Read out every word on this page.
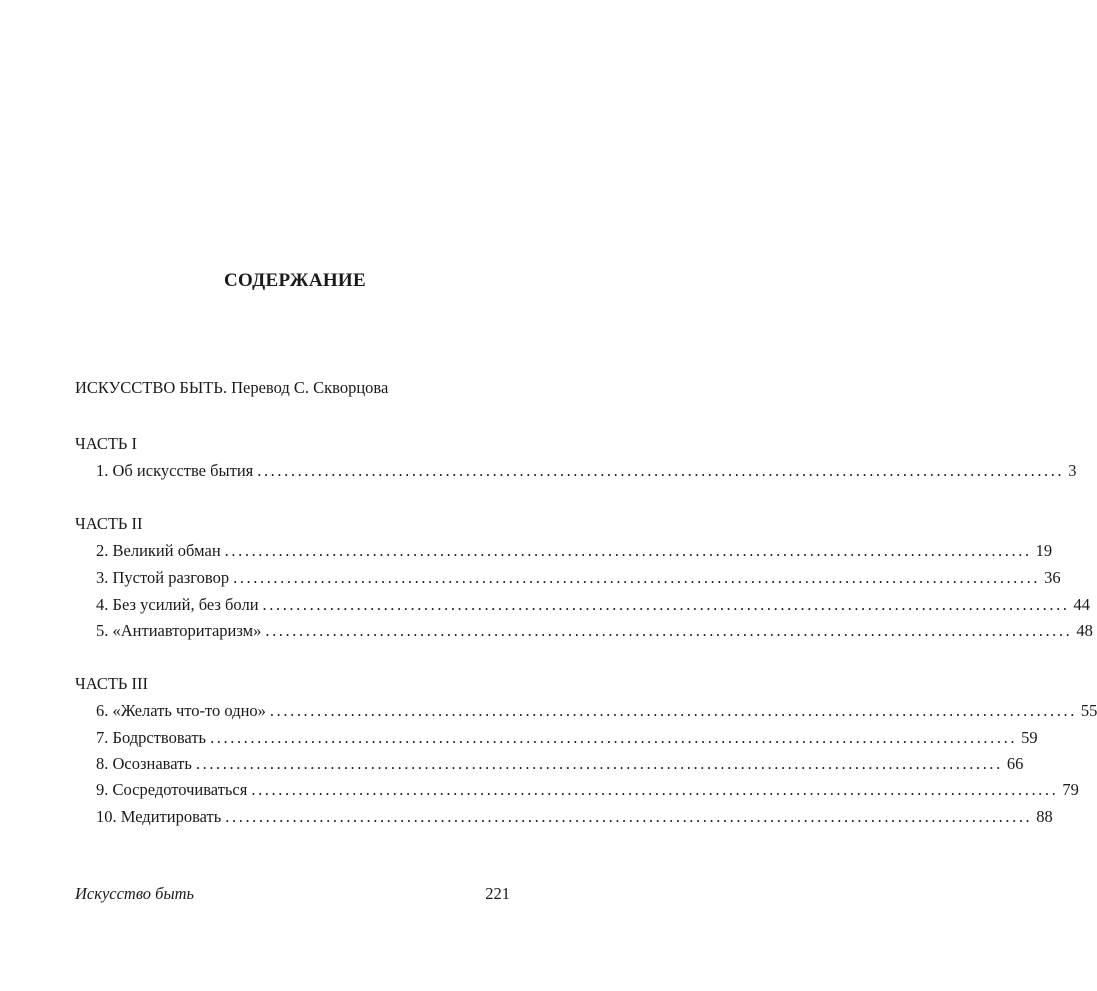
СОДЕРЖАНИЕ
ИСКУССТВО БЫТЬ. Перевод С. Скворцова
ЧАСТЬ I
1. Об искусстве бытия ........................................................................................................................ 3
ЧАСТЬ II
2. Великий обман ........................................................................................................................ 19
3. Пустой разговор ........................................................................................................................ 36
4. Без усилий, без боли ........................................................................................................................ 44
5. «Антиавторитаризм» ........................................................................................................................ 48
ЧАСТЬ III
6. «Желать что-то одно» ........................................................................................................................ 55
7. Бодрствовать ........................................................................................................................ 59
8. Осознавать ........................................................................................................................ 66
9. Сосредоточиваться ........................................................................................................................ 79
10. Медитировать ........................................................................................................................ 88
Искусство быть	221
